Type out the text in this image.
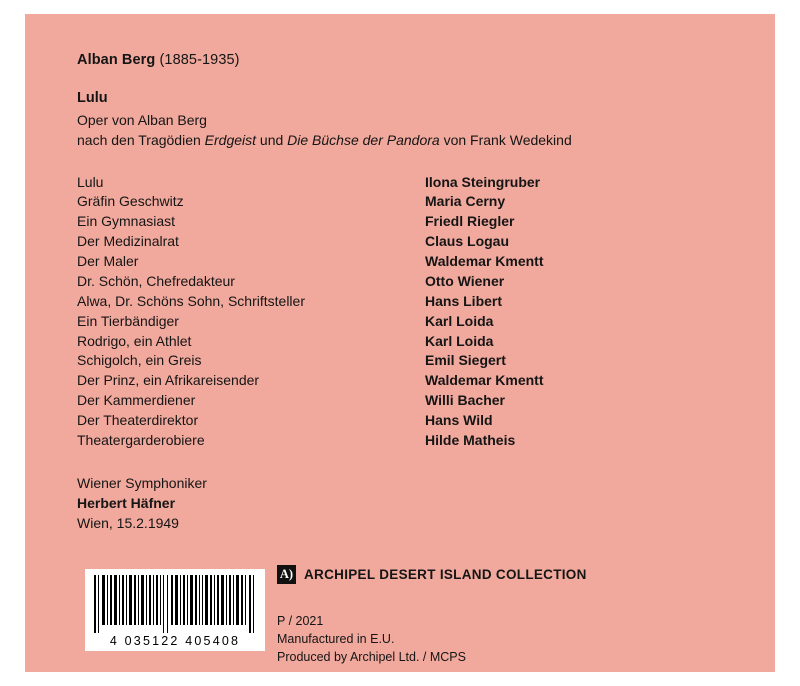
Alban Berg (1885-1935)
Lulu
Oper von Alban Berg
nach den Tragödien Erdgeist und Die Büchse der Pandora von Frank Wedekind
Lulu	Ilona Steingruber
Gräfin Geschwitz	Maria Cerny
Ein Gymnasiast	Friedl Riegler
Der Medizinalrat	Claus Logau
Der Maler	Waldemar Kmentt
Dr. Schön, Chefredakteur	Otto Wiener
Alwa, Dr. Schöns Sohn, Schriftsteller	Hans Libert
Ein Tierbändiger	Karl Loida
Rodrigo, ein Athlet	Karl Loida
Schigolch, ein Greis	Emil Siegert
Der Prinz, ein Afrikareisender	Waldemar Kmentt
Der Kammerdiener	Willi Bacher
Der Theaterdirektor	Hans Wild
Theatergarderobiere	Hilde Matheis
Wiener Symphoniker
Herbert Häfner
Wien, 15.2.1949
4 035122 405408
A) ARCHIPEL DESERT ISLAND COLLECTION
P / 2021
Manufactured in E.U.
Produced by Archipel Ltd. / MCPS
